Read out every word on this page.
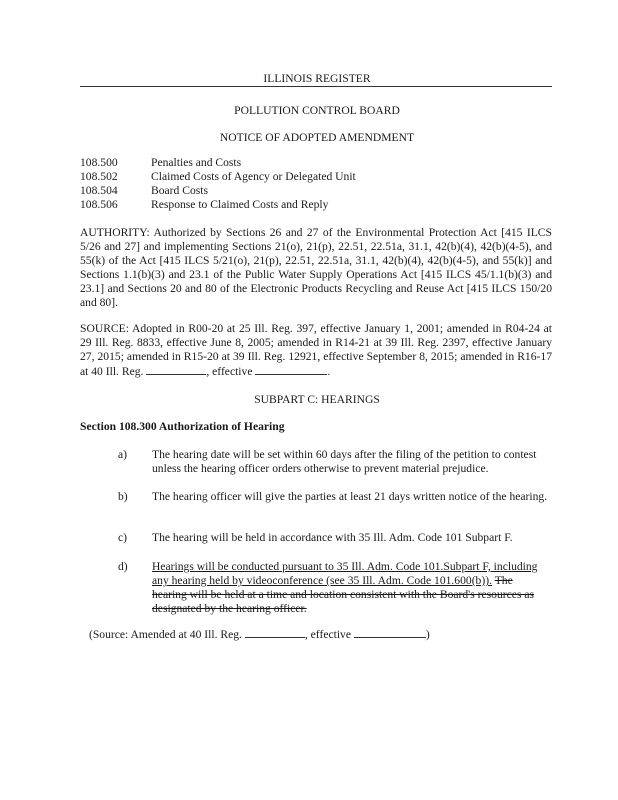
ILLINOIS REGISTER
POLLUTION CONTROL BOARD
NOTICE OF ADOPTED AMENDMENT
108.500	Penalties and Costs
108.502	Claimed Costs of Agency or Delegated Unit
108.504	Board Costs
108.506	Response to Claimed Costs and Reply
AUTHORITY: Authorized by Sections 26 and 27 of the Environmental Protection Act [415 ILCS 5/26 and 27] and implementing Sections 21(o), 21(p), 22.51, 22.51a, 31.1, 42(b)(4), 42(b)(4-5), and 55(k) of the Act [415 ILCS 5/21(o), 21(p), 22.51, 22.51a, 31.1, 42(b)(4), 42(b)(4-5), and 55(k)] and Sections 1.1(b)(3) and 23.1 of the Public Water Supply Operations Act [415 ILCS 45/1.1(b)(3) and 23.1] and Sections 20 and 80 of the Electronic Products Recycling and Reuse Act [415 ILCS 150/20 and 80].
SOURCE: Adopted in R00-20 at 25 Ill. Reg. 397, effective January 1, 2001; amended in R04-24 at 29 Ill. Reg. 8833, effective June 8, 2005; amended in R14-21 at 39 Ill. Reg. 2397, effective January 27, 2015; amended in R15-20 at 39 Ill. Reg. 12921, effective September 8, 2015; amended in R16-17 at 40 Ill. Reg.	, effective	.
SUBPART C: HEARINGS
Section 108.300 Authorization of Hearing
a) The hearing date will be set within 60 days after the filing of the petition to contest unless the hearing officer orders otherwise to prevent material prejudice.
b) The hearing officer will give the parties at least 21 days written notice of the hearing.
c) The hearing will be held in accordance with 35 Ill. Adm. Code 101 Subpart F.
d) Hearings will be conducted pursuant to 35 Ill. Adm. Code 101.Subpart F, including any hearing held by videoconference (see 35 Ill. Adm. Code 101.600(b)). The hearing will be held at a time and location consistent with the Board's resources as designated by the hearing officer.
(Source: Amended at 40 Ill. Reg.	, effective	)
